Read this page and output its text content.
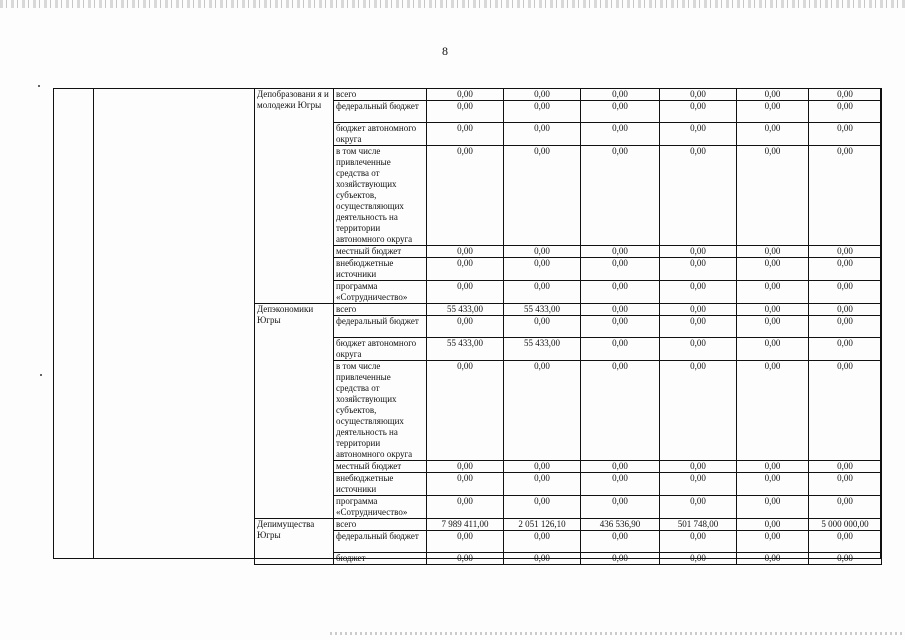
8
Депобразовани я и молодежи Югры	всего	0,00	0,00	0,00	0,00	0,00	0,00
	федеральный бюджет	0,00	0,00	0,00	0,00	0,00	0,00
	бюджет автономного округа	0,00	0,00	0,00	0,00	0,00	0,00
	в том числе привлеченные средства от хозяйствующих субъектов, осуществляющих деятельность на территории автономного округа	0,00	0,00	0,00	0,00	0,00	0,00
	местный бюджет	0,00	0,00	0,00	0,00	0,00	0,00
	внебюджетные источники	0,00	0,00	0,00	0,00	0,00	0,00
	программа «Сотрудничество»	0,00	0,00	0,00	0,00	0,00	0,00
Депэкономики Югры	всего	55 433,00	55 433,00	0,00	0,00	0,00	0,00
	федеральный бюджет	0,00	0,00	0,00	0,00	0,00	0,00
	бюджет автономного округа	55 433,00	55 433,00	0,00	0,00	0,00	0,00
	в том числе привлеченные средства от хозяйствующих субъектов, осуществляющих деятельность на территории автономного округа	0,00	0,00	0,00	0,00	0,00	0,00
	местный бюджет	0,00	0,00	0,00	0,00	0,00	0,00
	внебюджетные источники	0,00	0,00	0,00	0,00	0,00	0,00
	программа «Сотрудничество»	0,00	0,00	0,00	0,00	0,00	0,00
Депимущества Югры	всего	7 989 411,00	2 051 126,10	436 536,90	501 748,00	0,00	5 000 000,00
	федеральный бюджет	0,00	0,00	0,00	0,00	0,00	0,00
	бюджет	0,00	0,00	0,00	0,00	0,00	0,00
